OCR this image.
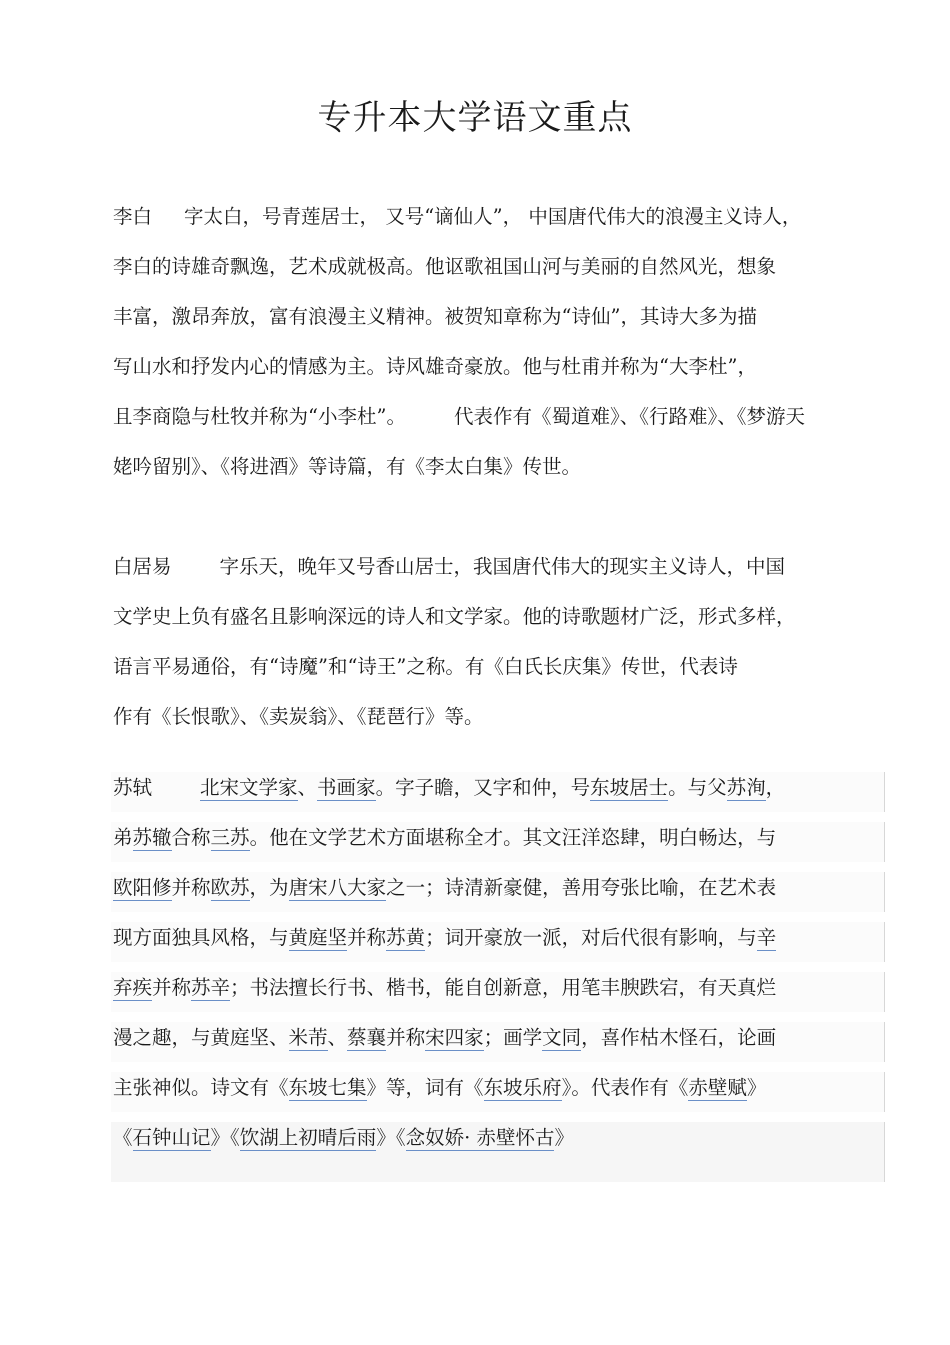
专升本大学语文重点
李白 字太白，号青莲居士， 又号“谪仙人”， 中国唐代伟大的浪漫主义诗人，
李白的诗雄奇飘逸，艺术成就极高。他讴歌祖国山河与美丽的自然风光，想象
丰富，激昂奔放，富有浪漫主义精神。被贺知章称为“诗仙”，其诗大多为描
写山水和抒发内心的情感为主。诗风雄奇豪放。他与杜甫并称为“大李杜”，
且李商隐与杜牧并称为“小李杜”。 代表作有《蜀道难》、《行路难》、《梦游天
姥吟留别》、《将进酒》等诗篇，有《李太白集》传世。
白居易 字乐天，晚年又号香山居士，我国唐代伟大的现实主义诗人，中国
文学史上负有盛名且影响深远的诗人和文学家。他的诗歌题材广泛，形式多样，
语言平易通俗，有“诗魔”和“诗王”之称。有《白氏长庆集》传世，代表诗
作有《长恨歌》、《卖炭翁》、《琵琶行》等。
苏轼 北宋文学家、书画家。字子瞻，又字和仲，号东坡居士。与父苏洵，
弟苏辙合称三苏。他在文学艺术方面堪称全才。其文汪洋恣肆，明白畅达，与
欧阳修并称欧苏，为唐宋八大家之一；诗清新豪健，善用夸张比喻，在艺术表
现方面独具风格，与黄庭坚并称苏黄；词开豪放一派，对后代很有影响，与辛
弃疾并称苏辛；书法擅长行书、楷书，能自创新意，用笔丰腴跌宕，有天真烂
漫之趣，与黄庭坚、米芾、蔡襄并称宋四家；画学文同，喜作枯木怪石，论画
主张神似。诗文有《东坡七集》等，词有《东坡乐府》。代表作有《赤壁赋》
《石钟山记》《饮湖上初晴后雨》《念奴娇· 赤壁怀古》
